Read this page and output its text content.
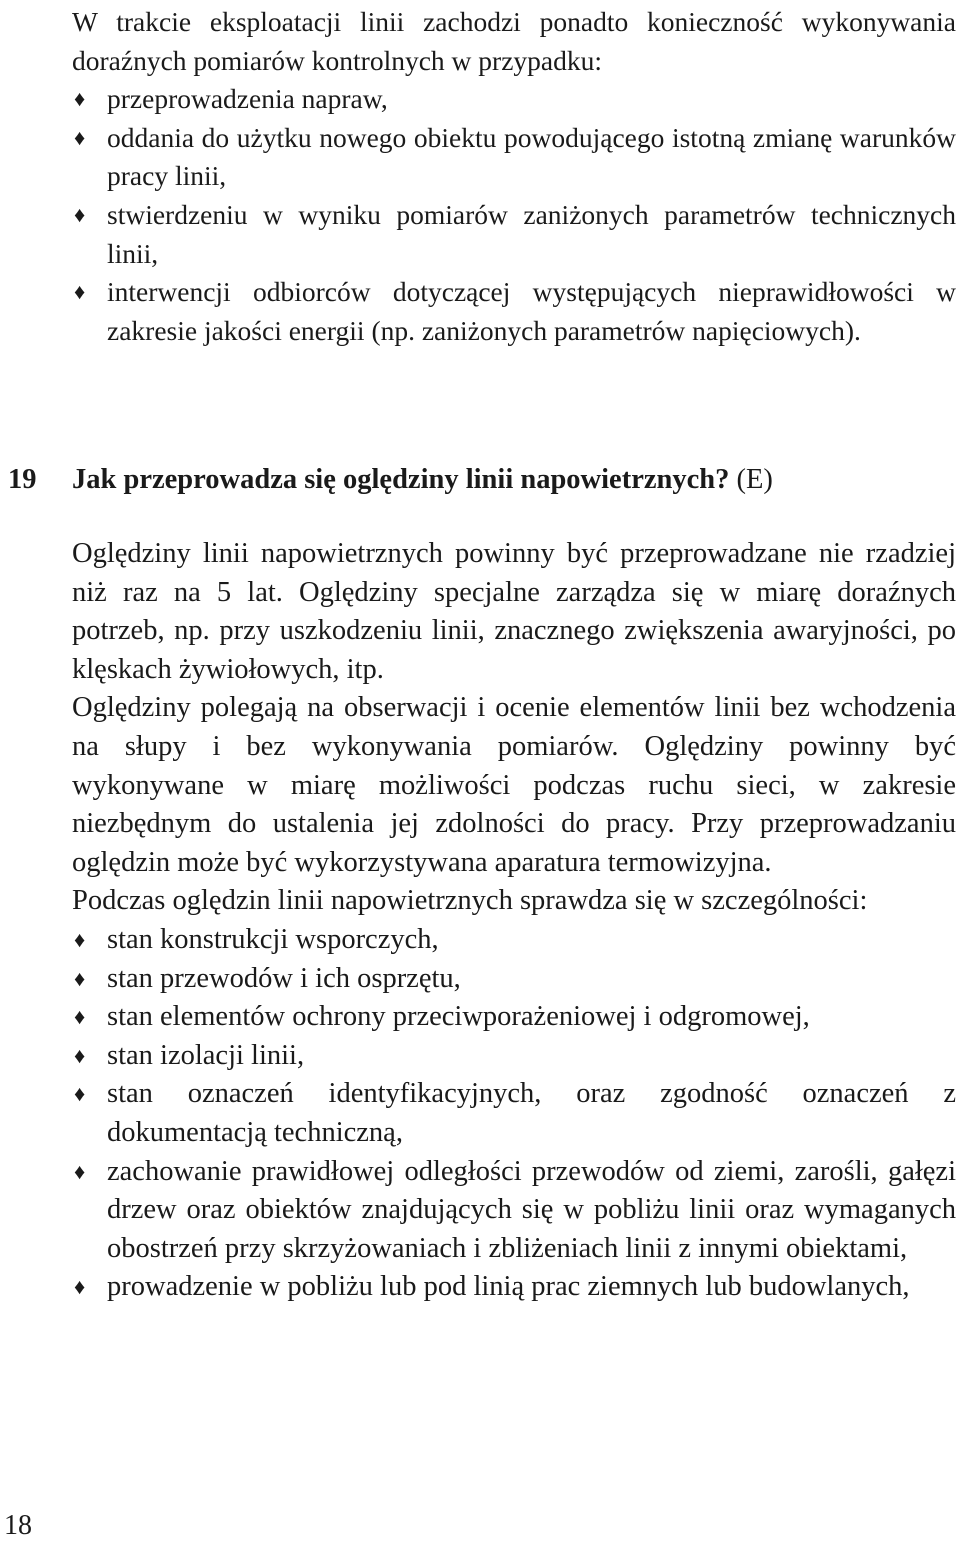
W trakcie eksploatacji linii zachodzi ponadto konieczność wykonywania doraźnych pomiarów kontrolnych w przypadku:

♦ przeprowadzenia napraw,
♦ oddania do użytku nowego obiektu powodującego istotną zmianę warunków pracy linii,
♦ stwierdzeniu w wyniku pomiarów zaniżonych parametrów technicznych linii,
♦ interwencji odbiorców dotyczącej występujących nieprawidłowości w zakresie jakości energii (np. zaniżonych parametrów napięciowych).
19 Jak przeprowadza się oględziny linii napowietrznych? (E)

Oględziny linii napowietrznych powinny być przeprowadzane nie rzadziej niż raz na 5 lat. Oględziny specjalne zarządza się w miarę doraźnych potrzeb, np. przy uszkodzeniu linii, znacznego zwiększenia awaryjności, po klęskach żywiołowych, itp.

Oględziny polegają na obserwacji i ocenie elementów linii bez wchodzenia na słupy i bez wykonywania pomiarów. Oględziny powinny być wykonywane w miarę możliwości podczas ruchu sieci, w zakresie niezbędnym do ustalenia jej zdolności do pracy. Przy przeprowadzaniu oględzin może być wykorzystywana aparatura termowizyjna.

Podczas oględzin linii napowietrznych sprawdza się w szczególności:

♦ stan konstrukcji wsporczych,
♦ stan przewodów i ich osprzętu,
♦ stan elementów ochrony przeciwporażeniowej i odgromowej,
♦ stan izolacji linii,
♦ stan oznaczeń identyfikacyjnych, oraz zgodność oznaczeń z dokumentacją techniczną,
♦ zachowanie prawidłowej odległości przewodów od ziemi, zarośli, gałęzi drzew oraz obiektów znajdujących się w pobliżu linii oraz wymaganych obostrzeń przy skrzyżowaniach i zbliżeniach linii z innymi obiektami,
♦ prowadzenie w pobliżu lub pod linią prac ziemnych lub budowlanych,
18
